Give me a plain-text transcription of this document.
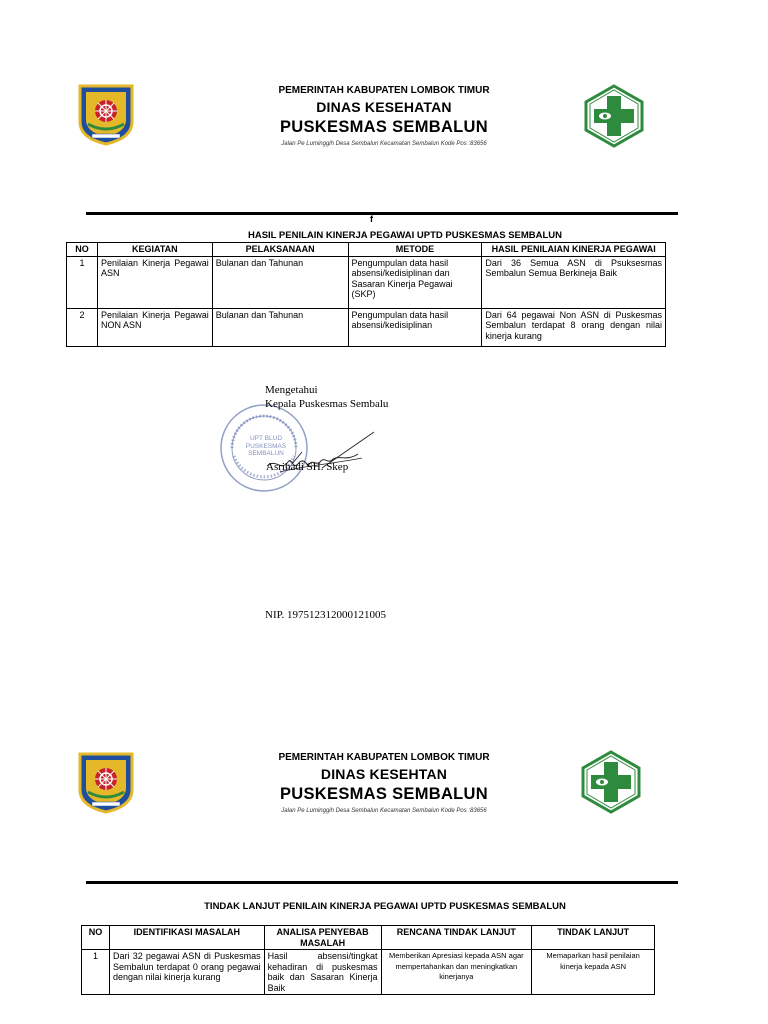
PEMERINTAH KABUPATEN LOMBOK TIMUR
DINAS KESEHATAN
PUSKESMAS SEMBALUN
Jalan Pe Luminggih Desa Sembalun Kecamatan Sembalun Kode Pos :83656
f
HASIL PENILAIN KINERJA PEGAWAI UPTD PUSKESMAS SEMBALUN
NO	KEGIATAN	PELAKSANAAN	METODE	HASIL PENILAIAN KINERJA PEGAWAI
1	Penilaian Kinerja Pegawai ASN	Bulanan dan Tahunan	Pengumpulan data hasil absensi/kedisiplinan dan Sasaran Kinerja Pegawai (SKP)	Dari 36 Semua ASN di Psuksesmas Sembalun Semua Berkineja Baik
2	Penilaian Kinerja Pegawai NON ASN	Bulanan dan Tahunan	Pengumpulan data hasil absensi/kedisiplinan	Dari 64 pegawai Non ASN di Puskesmas Sembalun terdapat 8 orang dengan nilai kinerja kurang
UPT BLUD PUSKESMAS SEMBALUN
Mengetahui
Kepala Puskesmas Sembalu
Asrihadi SH. Skep
NIP. 197512312000121005
PEMERINTAH KABUPATEN LOMBOK TIMUR
DINAS KESEHTAN
PUSKESMAS SEMBALUN
Jalan Pe Luminggih Desa Sembalun Kecamatan Sembalun Kode Pos :83656
TINDAK LANJUT PENILAIN KINERJA PEGAWAI UPTD PUSKESMAS SEMBALUN
NO	IDENTIFIKASI MASALAH	ANALISA PENYEBAB MASALAH	RENCANA TINDAK LANJUT	TINDAK LANJUT
1	Dari 32 pegawai ASN di Puskesmas Sembalun terdapat 0 orang pegawai dengan nilai kinerja kurang	Hasil absensi/tingkat kehadiran di puskesmas baik dan Sasaran Kinerja Baik	Memberikan Apresiasi kepada ASN agar mempertahankan dan meningkatkan kinerjanya	Memaparkan hasil penilaian kinerja kepada ASN
